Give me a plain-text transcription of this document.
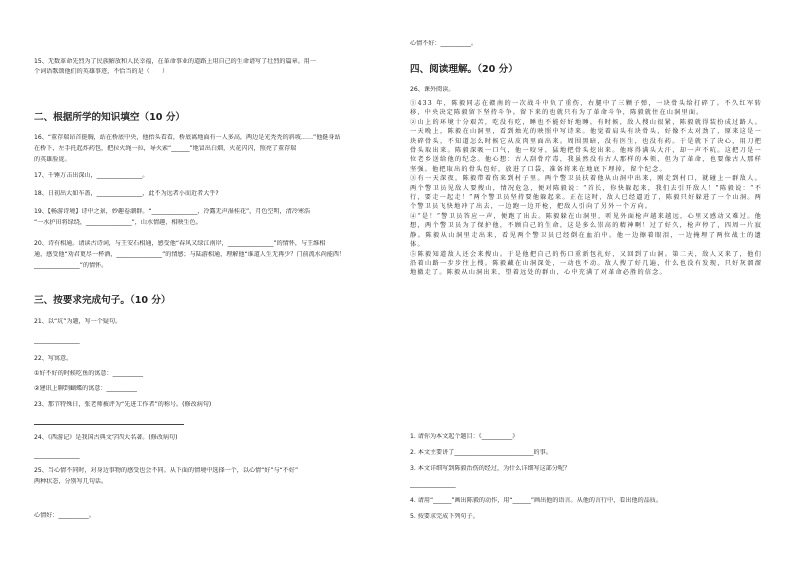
15、无数革命先烈为了民族解放和人民幸福，在革命事业的道路上用自己的生命谱写了壮烈的篇章。用一
个词语歌颂他们的英雄事迹，不恰当的是（　　）
二、根据所学的知识填空（10 分）
16、“董存瑞昂首挺胸，站在桥底中央，他抬头看看，桥底离地面有一人多高，两边是光秃秃的斜坡……”他挺身站
在桥下，左手托起炸药包，把拉火绳一拉，导火索“______”地冒出白烟，火花闪闪，照亮了董存瑞
的英雄脸庞。
17、千锤万击出深山，_______________。
18、日初出大如车盖，_______________，此不为远者小而近者大乎?
19、【畅游诗境】诗中之景，妙趣卷潮群。“_______________，冷露无声湿桂花”，月色空明，清冷寒浩
“一水护田将绿绕，_______________”，山水情趣，相映生色。
20、诗有相通。请读古诗词，与王安石相通，感受他“春风又绿江南岸，_______________”的情怀，与王维相
通，感受他“劝君更尽一杯酒，_______________”的情感；与陆游相通，理解他“谁道人生无再少？门前流水尚能西！
_______________”的情怀。
三、按要求完成句子。（10 分）
21、以“坑”为题，写一个疑句。
_______________
22、写寓意。
①好不好的时候吃鱼的寓意：__________
②建讯上聊到蝴蝶的寓意：__________
23、那节特殊日，张老师被评为“先进工作者”的称号。(修改病句)
24、《西游记》是我国古典文学四大名著。(修改病句)
_______________
25、当心情不同时，对身边事物的感受也会不同。从下面的情境中选择一个，以心情“好”与“不好”
两种状态，分别写几句话。
心情好：__________。
心情不好：__________。
四、阅读理解。（20 分）
26、课外阅读。

①433 年，陈毅同志在赣南的一次战斗中负了重伤，右腿中了三颗子弹，一块骨头给打碎了。不久红军转移，中央决定陈毅留下坚持斗争。留下来的也就只有为了革命斗争，陈毅就住在山洞里面。

②山上的环境十分艰苦，吃没有吃，睡也不能好好地睡。有时候，敌人搜山很紧，陈毅就得装扮成过路人。一天晚上，陈毅在山洞里，看到烛光的映照中写诗来。他觉着肩头有块骨头，好像不太对劲了，原来这是一块碎骨头，不知道怎么时候它从皮肉里面出来。周围黑暗，没有医生，也没有药。于是就下了决心，用刀把骨头取出来。陈毅深吸一口气，他一咬牙，猛地把骨头挖出来。他疼得满头大汗，却一声不吭。这把刀是一位老乡送给他的纪念。他心想：古人刮骨疗毒，我虽然没有古人那样的本领，但为了革命，也要像古人那样坚强。他把取出的骨头包好，放进了口袋，准备将来在地底下埋掉，留个纪念。

③有一天深夜，陈毅带着伤来到村子里。两个警卫员扶着他从山洞中出来，刚走到村口，就碰上一群敌人。两个警卫员见敌人要搜山，情况危急，便对陈毅说：“首长，你快躲起来，我们去引开敌人！”陈毅说：“不行，要走一起走！”两个警卫员坚持要他躲起来。正在这时，敌人已经逼近了，陈毅只好躲进了一个山洞。两个警卫员飞快地冲了出去，一边跑一边开枪，把敌人引向了另外一个方向。

④“是！”警卫员答应一声，便跑了出去。陈毅躲在山洞里，听见外面枪声越来越远，心里又感动又难过。他想，两个警卫员为了保护他，不顾自己的生命，这是多么崇高的精神啊！过了好久，枪声停了，四周一片寂静。陈毅从山洞里走出来，看见两个警卫员已经倒在血泊中。他一边擦着眼泪，一边掩埋了两位战士的遗体。

⑤陈毅知道敌人还会来搜山。于是他把自己的伤口重新包扎好，又回到了山洞。第二天，敌人又来了，他们沿着山路一步步往上搜。陈毅藏在山洞深处，一动也不动。敌人搜了好几遍，什么也没有发现，只好灰溜溜地撤走了。陈毅从山洞出来，望着远处的群山，心中充满了对革命必胜的信念。

1. 请你为本文起个题目：《__________》
2. 本文主要讲了__________________________的事。
3. 本文详细写到陈毅治伤的经过，为什么详细写这部分呢？
_______________
4. 请用“______”画出陈毅的动作，用“______”画出他的语言。从他的言行中，看出他的品质。
5. 按要求完成下列句子。
